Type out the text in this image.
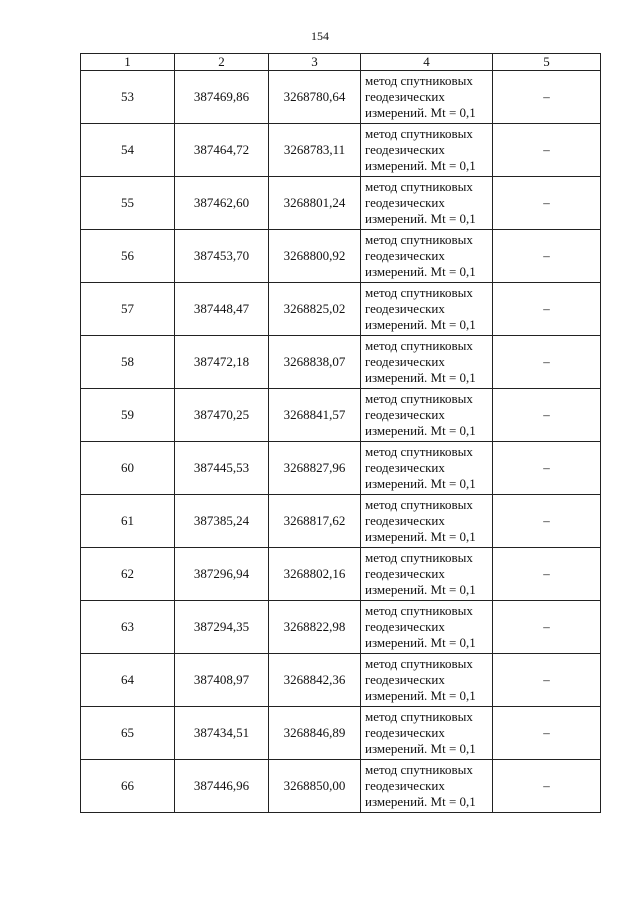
154
1	2	3	4	5
53	387469,86	3268780,64	метод спутниковых
геодезических
измерений. Mt = 0,1	–
54	387464,72	3268783,11	метод спутниковых
геодезических
измерений. Mt = 0,1	–
55	387462,60	3268801,24	метод спутниковых
геодезических
измерений. Mt = 0,1	–
56	387453,70	3268800,92	метод спутниковых
геодезических
измерений. Mt = 0,1	–
57	387448,47	3268825,02	метод спутниковых
геодезических
измерений. Mt = 0,1	–
58	387472,18	3268838,07	метод спутниковых
геодезических
измерений. Mt = 0,1	–
59	387470,25	3268841,57	метод спутниковых
геодезических
измерений. Mt = 0,1	–
60	387445,53	3268827,96	метод спутниковых
геодезических
измерений. Mt = 0,1	–
61	387385,24	3268817,62	метод спутниковых
геодезических
измерений. Mt = 0,1	–
62	387296,94	3268802,16	метод спутниковых
геодезических
измерений. Mt = 0,1	–
63	387294,35	3268822,98	метод спутниковых
геодезических
измерений. Mt = 0,1	–
64	387408,97	3268842,36	метод спутниковых
геодезических
измерений. Mt = 0,1	–
65	387434,51	3268846,89	метод спутниковых
геодезических
измерений. Mt = 0,1	–
66	387446,96	3268850,00	метод спутниковых
геодезических
измерений. Mt = 0,1	–
